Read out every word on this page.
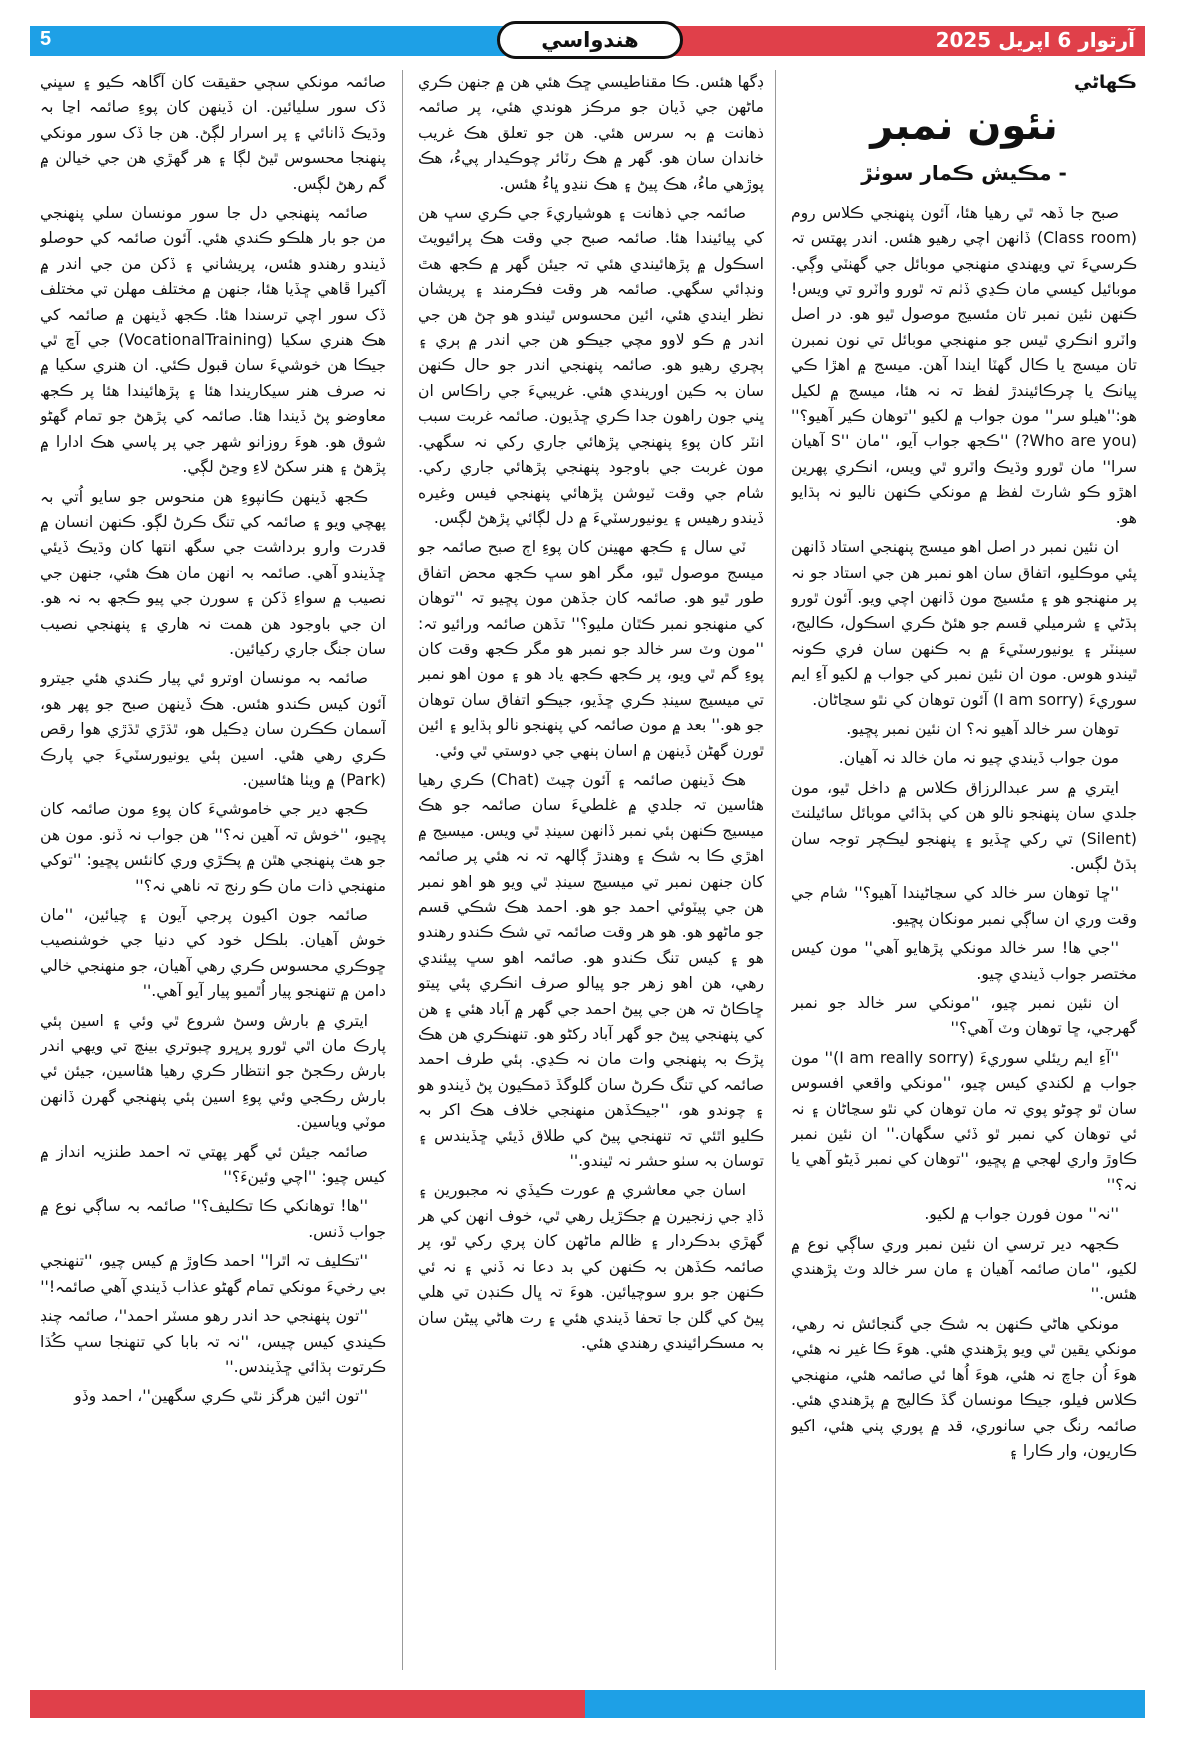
5	آرتوار 6 اپريل 2025
هندواسي

ڪهاڻي

نئون نمبر

- مڪيش ڪمار سوٺڙ

صبح جا ڏهہ ٿي رهيا هئا، آئون پنهنجي ڪلاس روم (Class room) ڏانهن اچي رهيو هئس. اندر پهتس تہ ڪرسيءَ تي ويهندي منهنجي موبائل جي گھنٽي وڳي. موبائيل کيسي مان ڪڍي ڏٺم تہ ٿورو واٽرو تي ويس! ڪنهن نئين نمبر تان مئسيج موصول ٿيو هو. در اصل واٽرو انڪري ٿيس جو منهنجي موبائل تي نون نمبرن تان ميسج يا ڪال گھٽا ايندا آهن. ميسج ۾ اهڙا ڪي پيانڪ يا چرڪائيندڙ لفظ تہ نہ هئا، ميسج ۾ لکيل هو:''هيلو سر'' مون جواب ۾ لکيو ''توهان ڪير آهيو؟'' (Who are you?) ''ڪجھ جواب آيو، ''مان ''S آهيان سرا'' مان ٿورو وڌيڪ واٽرو ٿي ويس، انڪري پهرين اهڙو ڪو شارٽ لفظ ۾ مونکي ڪنهن ناليو نہ ٻڌايو هو.

ان نئين نمبر در اصل اهو ميسج پنهنجي استاد ڏانهن پئي موڪليو، اتفاق سان اهو نمبر هن جي استاد جو نہ پر منهنجو هو ۽ مئسيج مون ڏانهن اچي ويو. آئون ٿورو ٻڌڻي ۽ شرميلي قسم جو هئڻ ڪري اسڪول، ڪاليج، سينٽر ۽ يونيورسٽيءَ ۾ بہ ڪنهن سان فري ڪونہ ٿيندو هوس. مون ان نئين نمبر کي جواب ۾ لکيو آءِ ايم سوريءَ (I am sorry) آئون توهان کي نٿو سڃاڻان.

توهان سر خالد آهيو نہ؟ ان نئين نمبر پڇيو.

مون جواب ڏيندي چيو نہ مان خالد نہ آهيان.

ايتري ۾ سر عبدالرزاق ڪلاس ۾ داخل ٿيو، مون جلدي سان پنهنجو نالو هن کي ٻڌائي موبائل سائيلنٽ (Silent) تي رکي ڇڏيو ۽ پنهنجو ليڪچر توجہ سان ٻڌڻ لڳس.

''ڇا توهان سر خالد کي سڃاڻيندا آهيو؟'' شام جي وقت وري ان ساڳي نمبر مونکان پڇيو.

''جي ها! سر خالد مونکي پڙهايو آهي'' مون کيس مختصر جواب ڏيندي چيو.

ان نئين نمبر چيو، ''مونکي سر خالد جو نمبر گهرجي، ڇا توهان وٽ آهي؟''

''آءِ ايم ريئلي سوريءَ (I am really sorry)'' مون جواب ۾ لکندي کيس چيو، ''مونکي واقعي افسوس سان ٿو چوڻو پوي تہ مان توهان کي نٿو سڃاڻان ۽ نہ ئي توهان کي نمبر ٿو ڏئي سگھان.'' ان نئين نمبر ڪاوڙ واري لهجي ۾ پڇيو، ''توهان کي نمبر ڏيڻو آهي يا نہ؟''

''نہ'' مون فورن جواب ۾ لکيو.

ڪجھہ دير ترسي ان نئين نمبر وري ساڳي نوع ۾ لکيو، ''مان صائمہ آهيان ۽ مان سر خالد وٽ پڙهندي هئس.''

مونکي هاڻي ڪنهن بہ شڪ جي گنجائش نہ رهي، مونکي يقين ٿي ويو پڙهندي هئي. هوءَ ڪا غير نہ هئي، هوءَ اُن جاچ نہ هئي، هوءَ اُها ئي صائمہ هئي، منهنجي ڪلاس فيلو، جيڪا مونسان گڏ ڪاليج ۾ پڙهندي هئي. صائمہ رنگ جي سانوري، قد ۾ پوري پني هئي، اکيو ڪاريون، وار ڪارا ۽

ڊگھا هئس. ڪا مقناطيسي ڇڪ هئي هن ۾ جنهن ڪري ماڻهن جي ڏيان جو مرڪز هوندي هئي، پر صائمہ ذهانت ۾ بہ سرس هئي. هن جو تعلق هڪ غريب خاندان سان هو. گهر ۾ هڪ رٽائر چوڪيدار پيءُ، هڪ پوڙهي ماءُ، هڪ پيڻ ۽ هڪ ننڍو ڀاءُ هئس.

صائمہ جي ذهانت ۽ هوشياريءَ جي ڪري سڀ هن کي پيائيندا هئا. صائمہ صبح جي وقت هڪ پرائيويٽ اسڪول ۾ پڙهائيندي هئي تہ جيئن گهر ۾ ڪجھ هٿ ونڊائي سگھي. صائمہ هر وقت فڪرمند ۽ پريشان نظر ايندي هئي، ائين محسوس ٿيندو هو ڄڻ هن جي اندر ۾ ڪو لاوو مچي جيڪو هن جي اندر ۾ ٻري ۽ ٻچري رهيو هو. صائمہ پنهنجي اندر جو حال ڪنهن سان بہ ڪين اوريندي هئي. غريبيءَ جي راڪاس ان ڀني جون راهون جدا ڪري ڇڏيون. صائمہ غربت سبب انٽر کان پوءِ پنهنجي پڙهائي جاري رکي نہ سگھي. مون غربت جي باوجود پنهنجي پڙهائي جاري رکي. شام جي وقت ٽيوشن پڙهائي پنهنجي فيس وغيره ڏيندو رهيس ۽ يونيورسٽيءَ ۾ دل لڳائي پڙهڻ لڳس.

ٽي سال ۽ ڪجھ مهينن کان پوءِ اڄ صبح صائمہ جو ميسج موصول ٿيو، مگر اهو سڀ ڪجھ محض اتفاق طور ٿيو هو. صائمہ کان جڏهن مون پڇيو تہ ''توهان کي منهنجو نمبر ڪٿان مليو؟'' تڏهن صائمہ ورائيو تہ: ''مون وٽ سر خالد جو نمبر هو مگر ڪجھ وقت کان پوءِ گم ٿي ويو، پر ڪجھ ڪجھ ياد هو ۽ مون اهو نمبر تي ميسيج سينڊ ڪري ڇڏيو، جيڪو اتفاق سان توهان جو هو.'' بعد ۾ مون صائمہ کي پنهنجو نالو ٻڌايو ۽ ائين ٿورن گهڻن ڏينهن ۾ اسان ٻنهي جي دوستي ٿي وئي.

هڪ ڏينهن صائمہ ۽ آئون چيٽ (Chat) ڪري رهيا هئاسين تہ جلدي ۾ غلطيءَ سان صائمہ جو هڪ ميسيج ڪنهن ٻئي نمبر ڏانهن سينڊ ٿي ويس. ميسيج ۾ اهڙي ڪا بہ شڪ ۽ وهندڙ ڳالهہ تہ نہ هئي پر صائمہ کان جنهن نمبر تي ميسيج سينڊ ٿي ويو هو اهو نمبر هن جي پيٽوئي احمد جو هو. احمد هڪ شڪي قسم جو ماڻهو هو. هو هر وقت صائمہ تي شڪ ڪندو رهندو هو ۽ کيس تنگ ڪندو هو. صائمہ اهو سڀ پيئندي رهي، هن اهو زهر جو پيالو صرف انڪري پئي پيتو ڇاڪاڻ تہ هن جي پيڻ احمد جي گهر ۾ آباد هئي ۽ هن کي پنهنجي پيڻ جو گهر آباد رکڻو هو. تنهنڪري هن هڪ پڙڪ بہ پنهنجي وات مان نہ ڪڍي. ٻئي طرف احمد صائمہ کي تنگ ڪرڻ سان گلوگڏ ڌمڪيون پڻ ڏيندو هو ۽ چوندو هو، ''جيڪڏهن منهنجي خلاف هڪ اکر بہ ڪليو اٿئي تہ تنهنجي پيڻ کي طلاق ڏيئي ڇڏيندس ۽ توسان بہ سٺو حشر نہ ٿيندو.''

اسان جي معاشري ۾ عورت ڪيڏي نہ مجبورين ۽ ڏاڍ جي زنجيرن ۾ جڪڙيل رهي ٿي، خوف انهن کي هر گهڙي بدڪردار ۽ ظالم ماڻهن کان پري رکي ٿو، پر صائمہ ڪڏهن بہ ڪنهن کي بد دعا نہ ڏني ۽ نہ ئي ڪنهن جو برو سوچيائين. هوءَ تہ ڀال ڪنڊن تي هلي پيڻ کي گلن جا تحفا ڏيندي هئي ۽ رت هاڻي پيڻن سان بہ مسڪرائيندي رهندي هئي.

صائمہ مونکي سڄي حقيقت کان آگاهہ ڪيو ۽ سڀني ڏک سور سليائين. ان ڏينهن کان پوءِ صائمہ اڃا بہ وڌيڪ ڏانائي ۽ پر اسرار لڳڻ. هن جا ڏک سور مونکي پنهنجا محسوس ٿيڻ لڳا ۽ هر گهڙي هن جي خيالن ۾ گم رهڻ لڳس.

صائمہ پنهنجي دل جا سور مونسان سلي پنهنجي من جو بار هلڪو ڪندي هئي. آئون صائمہ کي حوصلو ڏيندو رهندو هئس، پريشاني ۽ ڏکن من جي اندر ۾ آکيرا ڦاهي ڇڏيا هئا، جنهن ۾ مختلف مهلن تي مختلف ڏک سور اچي ترسندا هئا. ڪجھ ڏينهن ۾ صائمہ کي هڪ هنري سکيا (VocationalTraining) جي آڇ ٿي جيڪا هن خوشيءَ سان قبول ڪئي. ان هنري سکيا ۾ نہ صرف هنر سيکاريندا هئا ۽ پڙهائيندا هئا پر ڪجھ معاوضو پڻ ڏيندا هئا. صائمہ کي پڙهڻ جو تمام گھڻو شوق هو. هوءَ روزانو شهر جي پر پاسي هڪ ادارا ۾ پڙهڻ ۽ هنر سکڻ لاءِ وڃڻ لڳي.

ڪجھ ڏينهن ڪانپوءِ هن منحوس جو سايو اُتي بہ پهچي ويو ۽ صائمہ کي تنگ ڪرڻ لڳو. ڪنهن انسان ۾ قدرت وارو برداشت جي سگھ انتها کان وڌيڪ ڏيئي ڇڏيندو آهي. صائمہ بہ انهن مان هڪ هئي، جنهن جي نصيب ۾ سواءِ ڏکن ۽ سورن جي پيو ڪجھ بہ نہ هو. ان جي باوجود هن همت نہ هاري ۽ پنهنجي نصيب سان جنگ جاري رکيائين.

صائمہ بہ مونسان اوترو ئي پيار ڪندي هئي جيترو آئون کيس ڪندو هئس. هڪ ڏينهن صبح جو پهر هو، آسمان ڪڪرن سان ڍڪيل هو، ٿڌڙي ٿڌڙي هوا رقص ڪري رهي هئي. اسين ٻئي يونيورسٽيءَ جي پارڪ (Park) ۾ ويٺا هئاسين.

ڪجھ دير جي خاموشيءَ کان پوءِ مون صائمہ کان پڇيو، ''خوش تہ آهين نہ؟'' هن جواب نہ ڏنو. مون هن جو هٿ پنهنجي هٿن ۾ پڪڙي وري کانئس پڇيو: ''توکي منهنجي ذات مان ڪو رنج تہ ناهي نہ؟''

صائمہ جون اکيون پرجي آيون ۽ چيائين، ''مان خوش آهيان. بلڪل خود کي دنيا جي خوشنصيب ڇوڪري محسوس ڪري رهي آهيان، جو منهنجي خالي دامن ۾ تنهنجو پيار اُٿميو پيار آيو آهي.''

ايتري ۾ بارش وسڻ شروع ٿي وئي ۽ اسين ٻئي پارڪ مان اٿي ٿورو پرڀرو چبوتري بينچ تي ويهي اندر بارش رڪجڻ جو انتظار ڪري رهيا هئاسين، جيئن ئي بارش رڪجي وئي پوءِ اسين ٻئي پنهنجي گهرن ڏانهن موٽي وياسين.

صائمہ جيئن ئي گهر پهتي تہ احمد طنزيہ انداز ۾ کيس چيو: ''اچي وئينءَ؟''

''ها! توهانکي ڪا تڪليف؟'' صائمہ بہ ساڳي نوع ۾ جواب ڏنس.

''تڪليف تہ اٿرا'' احمد ڪاوڙ ۾ کيس چيو، ''تنهنجي بي رخيءَ مونکي تمام گھڻو عذاب ڏيندي آهي صائمہ!''

''تون پنهنجي حد اندر رهو مسٽر احمد''، صائمہ چنڊ ڪيندي کيس چيس، ''نہ تہ بابا کي تنهنجا سڀ ڪُڌا ڪرتوت ٻڌائي ڇڏيندس.''

''تون ائين هرگز نٿي ڪري سگھين''، احمد وڏو
